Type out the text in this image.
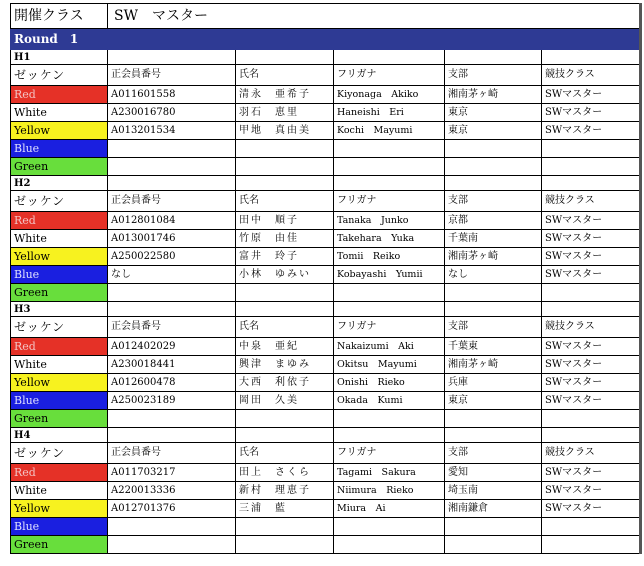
開催クラス	SW　マスター				
Round　1					
H1					
ゼッケン	正会員番号	氏名	フリガナ	支部	競技クラス
Red	A011601558	清永　亜希子	Kiyonaga　Akiko	湘南茅ヶ崎	SWマスター
White	A230016780	羽石　恵里	Haneishi　Eri	東京	SWマスター
Yellow	A013201534	甲地　真由美	Kochi　Mayumi	東京	SWマスター
Blue					
Green					
H2					
ゼッケン	正会員番号	氏名	フリガナ	支部	競技クラス
Red	A012801084	田中　順子	Tanaka　Junko	京都	SWマスター
White	A013001746	竹原　由佳	Takehara　Yuka	千葉南	SWマスター
Yellow	A250022580	富井　玲子	Tomii　Reiko	湘南茅ヶ崎	SWマスター
Blue	なし	小林　ゆみい	Kobayashi　Yumii	なし	SWマスター
Green					
H3					
ゼッケン	正会員番号	氏名	フリガナ	支部	競技クラス
Red	A012402029	中泉　亜紀	Nakaizumi　Aki	千葉東	SWマスター
White	A230018441	興津　まゆみ	Okitsu　Mayumi	湘南茅ヶ崎	SWマスター
Yellow	A012600478	大西　利依子	Onishi　Rieko	兵庫	SWマスター
Blue	A250023189	岡田　久美	Okada　Kumi	東京	SWマスター
Green					
H4					
ゼッケン	正会員番号	氏名	フリガナ	支部	競技クラス
Red	A011703217	田上　さくら	Tagami　Sakura	愛知	SWマスター
White	A220013336	新村　理恵子	Niimura　Rieko	埼玉南	SWマスター
Yellow	A012701376	三浦　藍	Miura　Ai	湘南鎌倉	SWマスター
Blue					
Green					
